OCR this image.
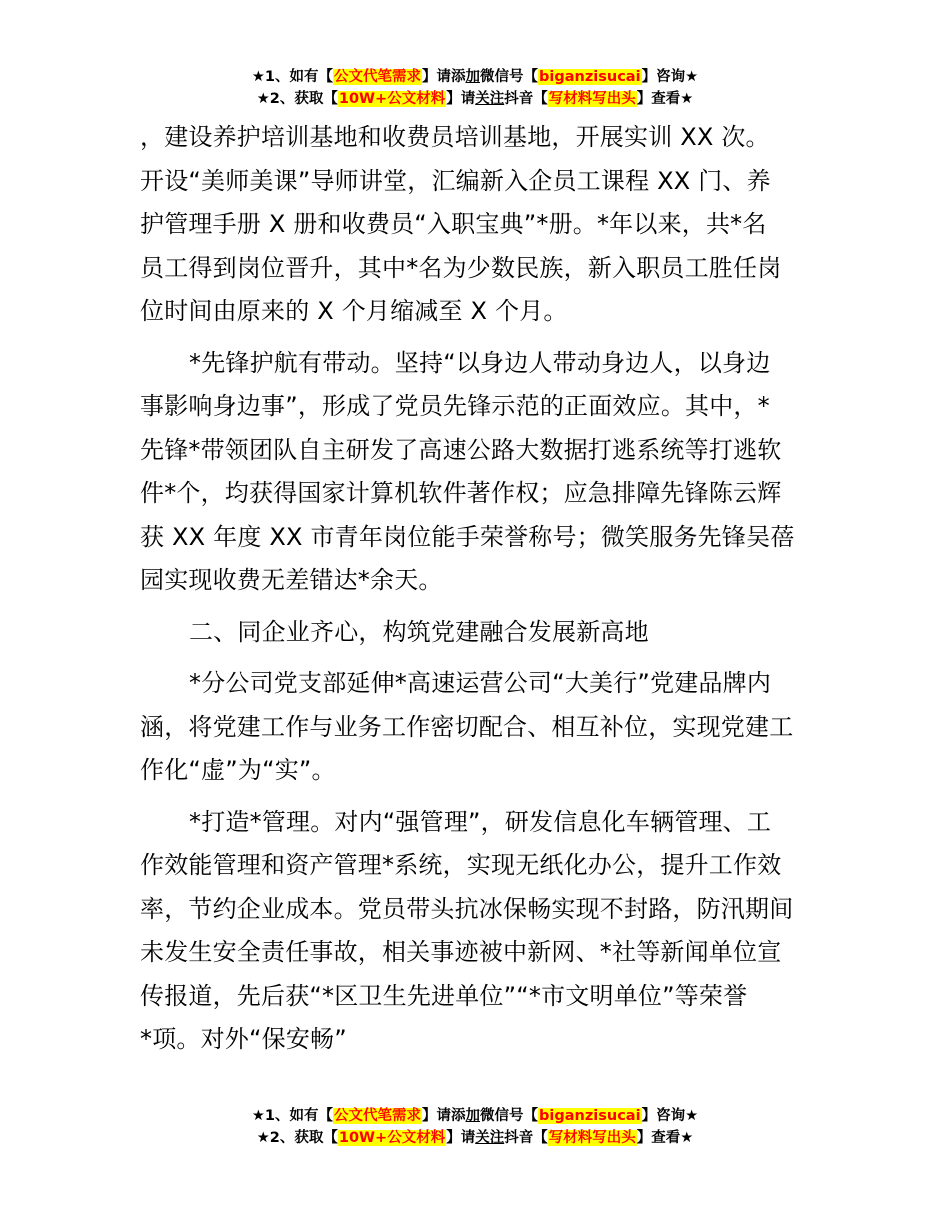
★1、如有【公文代笔需求】请添加微信号【biganzisucai】咨询★
★2、获取【10W+公文材料】请关注抖音【写材料写出头】查看★
，建设养护培训基地和收费员培训基地，开展实训 XX 次。
开设“美师美课”导师讲堂，汇编新入企员工课程 XX 门、养
护管理手册 X 册和收费员“入职宝典”*册。*年以来，共*名
员工得到岗位晋升，其中*名为少数民族，新入职员工胜任岗
位时间由原来的 X 个月缩减至 X 个月。
*先锋护航有带动。坚持“以身边人带动身边人，以身边
事影响身边事”，形成了党员先锋示范的正面效应。其中，*
先锋*带领团队自主研发了高速公路大数据打逃系统等打逃软
件*个，均获得国家计算机软件著作权；应急排障先锋陈云辉
获 XX 年度 XX 市青年岗位能手荣誉称号；微笑服务先锋吴蓓
园实现收费无差错达*余天。
二、同企业齐心，构筑党建融合发展新高地
*分公司党支部延伸*高速运营公司“大美行”党建品牌内
涵，将党建工作与业务工作密切配合、相互补位，实现党建工
作化“虚”为“实”。
*打造*管理。对内“强管理”，研发信息化车辆管理、工
作效能管理和资产管理*系统，实现无纸化办公，提升工作效
率，节约企业成本。党员带头抗冰保畅实现不封路，防汛期间
未发生安全责任事故，相关事迹被中新网、*社等新闻单位宣
传报道，先后获“*区卫生先进单位”“*市文明单位”等荣誉
*项。对外“保安畅”
★1、如有【公文代笔需求】请添加微信号【biganzisucai】咨询★
★2、获取【10W+公文材料】请关注抖音【写材料写出头】查看★
